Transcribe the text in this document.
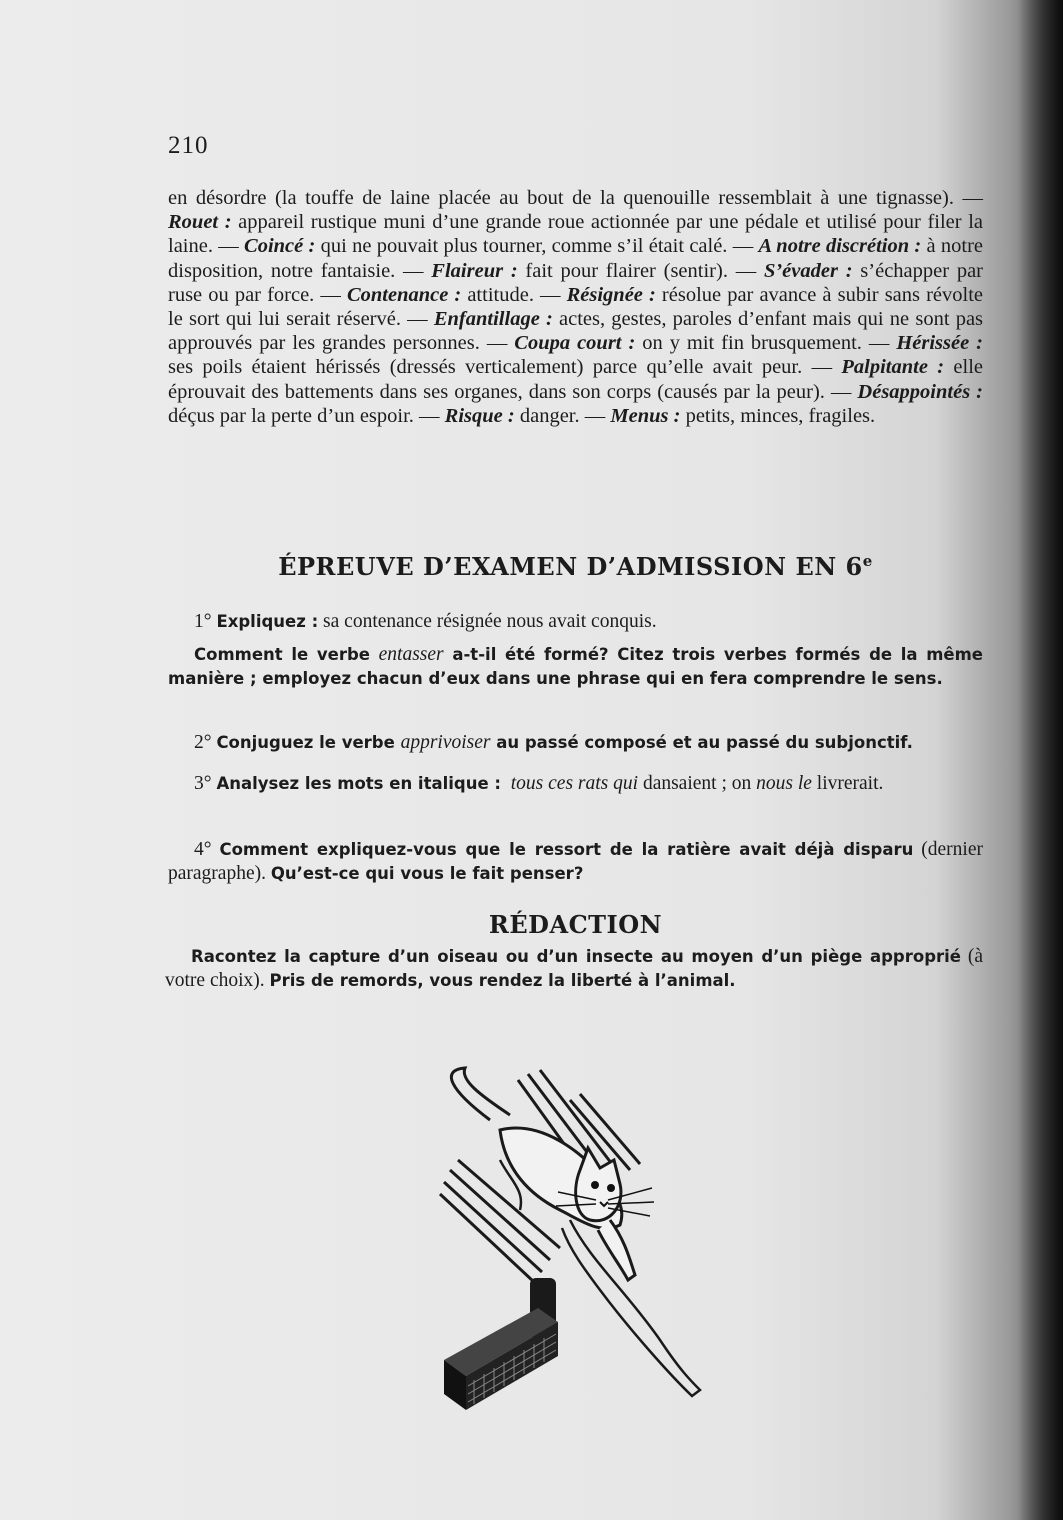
210

en désordre (la touffe de laine placée au bout de la quenouille ressemblait à une tignasse). — Rouet : appareil rustique muni d’une grande roue actionnée par une pédale et utilisé pour filer la laine. — Coincé : qui ne pouvait plus tourner, comme s’il était calé. — A notre discrétion : à notre disposition, notre fantaisie. — Flaireur : fait pour flairer (sentir). — S’évader : s’échapper par ruse ou par force. — Contenance : attitude. — Résignée : résolue par avance à subir sans révolte le sort qui lui serait réservé. — Enfantillage : actes, gestes, paroles d’enfant mais qui ne sont pas approuvés par les grandes personnes. — Coupa court : on y mit fin brusquement. — Hérissée : ses poils étaient hérissés (dressés verticalement) parce qu’elle avait peur. — Palpitante : elle éprouvait des battements dans ses organes, dans son corps (causés par la peur). — Désappointés : déçus par la perte d’un espoir. — Risque : danger. — Menus : petits, minces, fragiles.

ÉPREUVE D’EXAMEN D’ADMISSION EN 6e

1° Expliquez : sa contenance résignée nous avait conquis.

Comment le verbe entasser a-t-il été formé? Citez trois verbes formés de la même manière ; employez chacun d’eux dans une phrase qui en fera comprendre le sens.

2° Conjuguez le verbe apprivoiser au passé composé et au passé du subjonctif.

3° Analysez les mots en italique : tous ces rats qui dansaient ; on nous le livrerait.

4° Comment expliquez-vous que le ressort de la ratière avait déjà disparu (dernier paragraphe). Qu’est-ce qui vous le fait penser?

RÉDACTION

Racontez la capture d’un oiseau ou d’un insecte au moyen d’un piège approprié (à votre choix). Pris de remords, vous rendez la liberté à l’animal.
